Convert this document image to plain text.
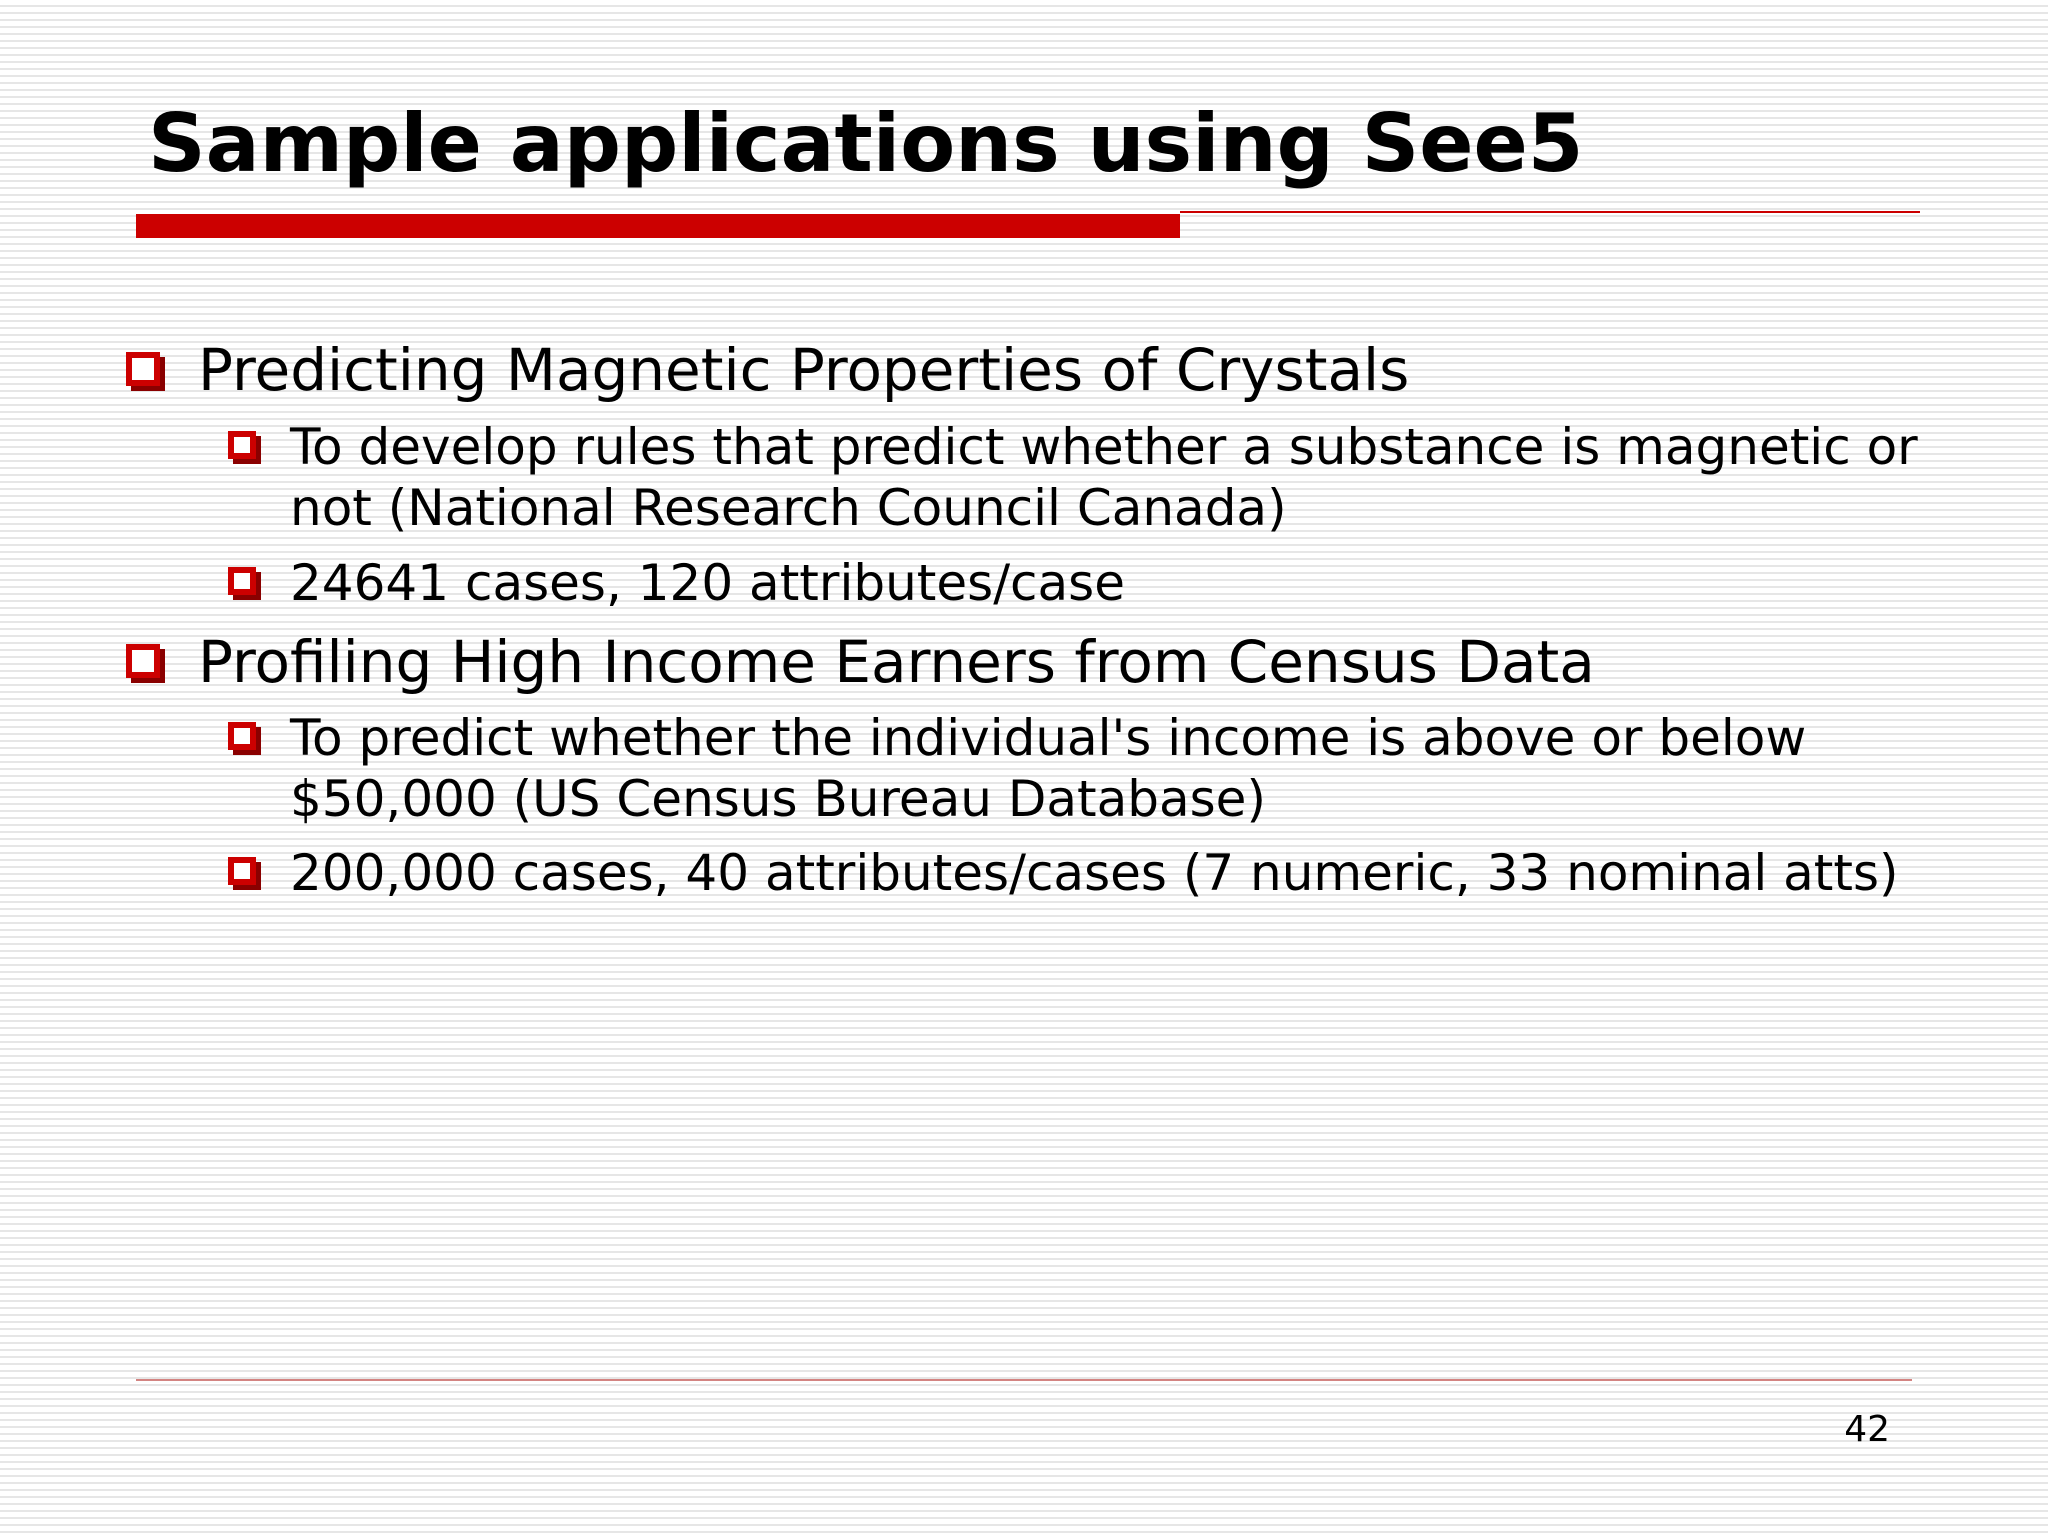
Sample applications using See5
Predicting Magnetic Properties of Crystals
To develop rules that predict whether a substance is magnetic or not (National Research Council Canada)
24641 cases, 120 attributes/case
Profiling High Income Earners from Census Data
To predict whether the individual's income is above or below $50,000 (US Census Bureau Database)
200,000 cases, 40 attributes/cases (7 numeric, 33 nominal atts)
42
